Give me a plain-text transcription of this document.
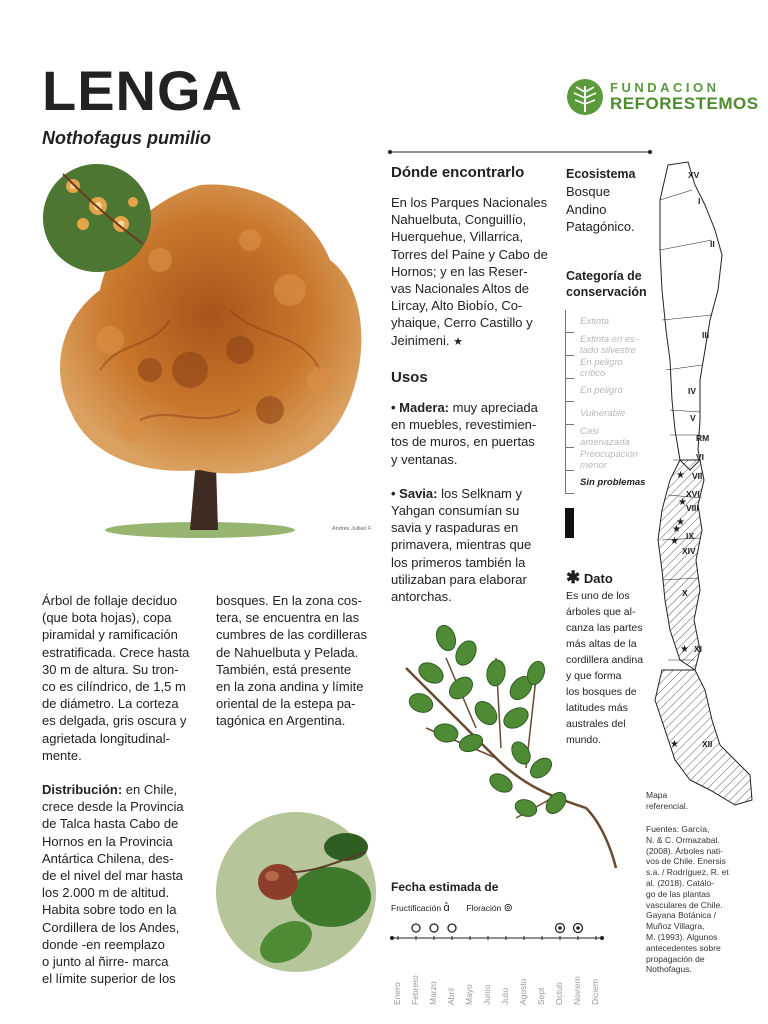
LENGA
Nothofagus pumilio
FUNDACION
REFORESTEMOS
Andrés Jullian F.
Árbol de follaje deciduo
(que bota hojas), copa
piramidal y ramificación
estratificada. Crece hasta
30 m de altura. Su tron-
co es cilíndrico, de 1,5 m
de diámetro. La corteza
es delgada, gris oscura y
agrietada longitudinal-
mente.
Distribución: en Chile,
crece desde la Provincia
de Talca hasta Cabo de
Hornos en la Provincia
Antártica Chilena, des-
de el nivel del mar hasta
los 2.000 m de altitud.
Habita sobre todo en la
Cordillera de los Andes,
donde -en reemplazo
o junto al ñirre- marca
el límite superior de los
bosques. En la zona cos-
tera, se encuentra en las
cumbres de las cordilleras
de Nahuelbuta y Pelada.
También, está presente
en la zona andina y límite
oriental de la estepa pa-
tagónica en Argentina.
Dónde encontrarlo
En los Parques Nacionales
Nahuelbuta, Conguillío,
Huerquehue, Villarrica,
Torres del Paine y Cabo de
Hornos; y en las Reser-
vas Nacionales Altos de
Lircay, Alto Biobío, Co-
yhaique, Cerro Castillo y
Jeinimeni. ★
Usos
• Madera: muy apreciada
en muebles, revestimien-
tos de muros, en puertas
y ventanas.
• Savia: los Selknam y
Yahgan consumían su
savia y raspaduras en
primavera, mientras que
los primeros también la
utilizaban para elaborar
antorchas.
Ecosistema
Bosque
Andino
Patagónico.
Categoría de
conservación
Extinta
Extinta en es-
tado silvestre
En peligro
crítico
En peligro
Vulnerable
Casi
amenazada
Preocupación
menor
Sin problemas
✱ Dato
Es uno de los
árboles que al-
canza las partes
más altas de la
cordillera andina
y que forma
los bosques de
latitudes más
australes del
mundo.
XV
I
II
III
IV
V
RM
VI
VII
XVI
VIII
IX
XIV
X
XI
XII
★
★
★
★
★
★
★
Mapa
referencial.
Fuentes: García,
N. & C. Ormazabal.
(2008). Árboles nati-
vos de Chile. Enersis
s.a. / Rodríguez, R. et
al. (2018). Catálo-
go de las plantas
vasculares de Chile.
Gayana Botánica /
Muñoz Villagra,
M. (1993). Algunos
antecedentes sobre
propagación de
Nothofagus.
Fecha estimada de
Fructificación ɑ̊ Floración ⊚
Enero Febrero Marzo Abril Mayo Junio Julio Agosto Sept Octub Noviem Diciem
